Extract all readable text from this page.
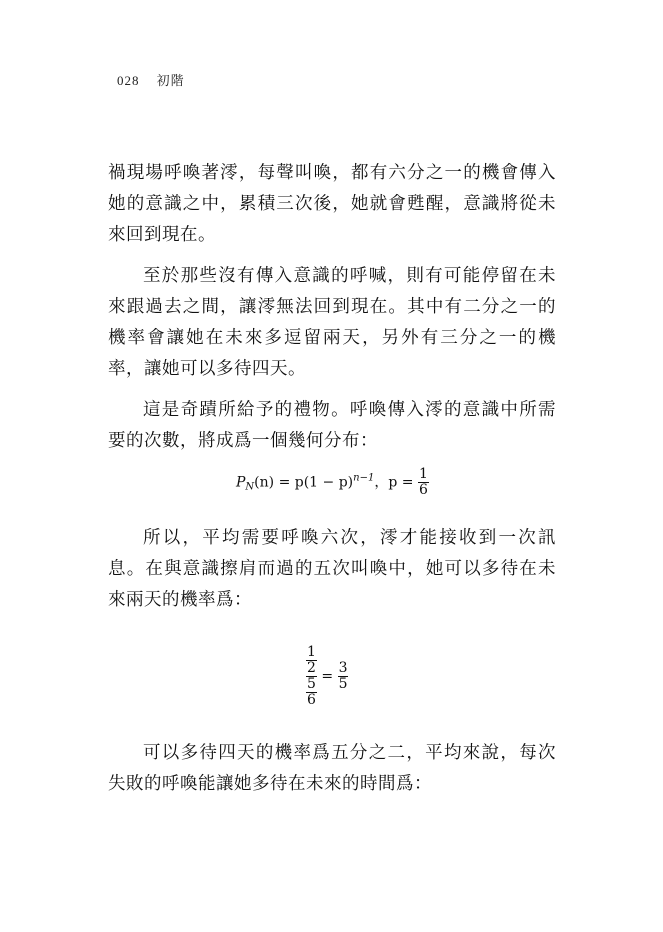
028 初階

禍現場呼喚著澪，每聲叫喚，都有六分之一的機會傳入她的意識之中，累積三次後，她就會甦醒，意識將從未來回到現在。

至於那些沒有傳入意識的呼喊，則有可能停留在未來跟過去之間，讓澪無法回到現在。其中有二分之一的機率會讓她在未來多逗留兩天，另外有三分之一的機率，讓她可以多待四天。

這是奇蹟所給予的禮物。呼喚傳入澪的意識中所需要的次數，將成爲一個幾何分布：

$P_N(n) = p(1 - p)^{n-1}$，$p = \frac{1}{6}$

所以，平均需要呼喚六次，澪才能接收到一次訊息。在與意識擦肩而過的五次叫喚中，她可以多待在未來兩天的機率爲：

$\frac{\frac{1}{2}}{\frac{5}{6}} = \frac{3}{5}$

可以多待四天的機率爲五分之二，平均來說，每次失敗的呼喚能讓她多待在未來的時間爲：
